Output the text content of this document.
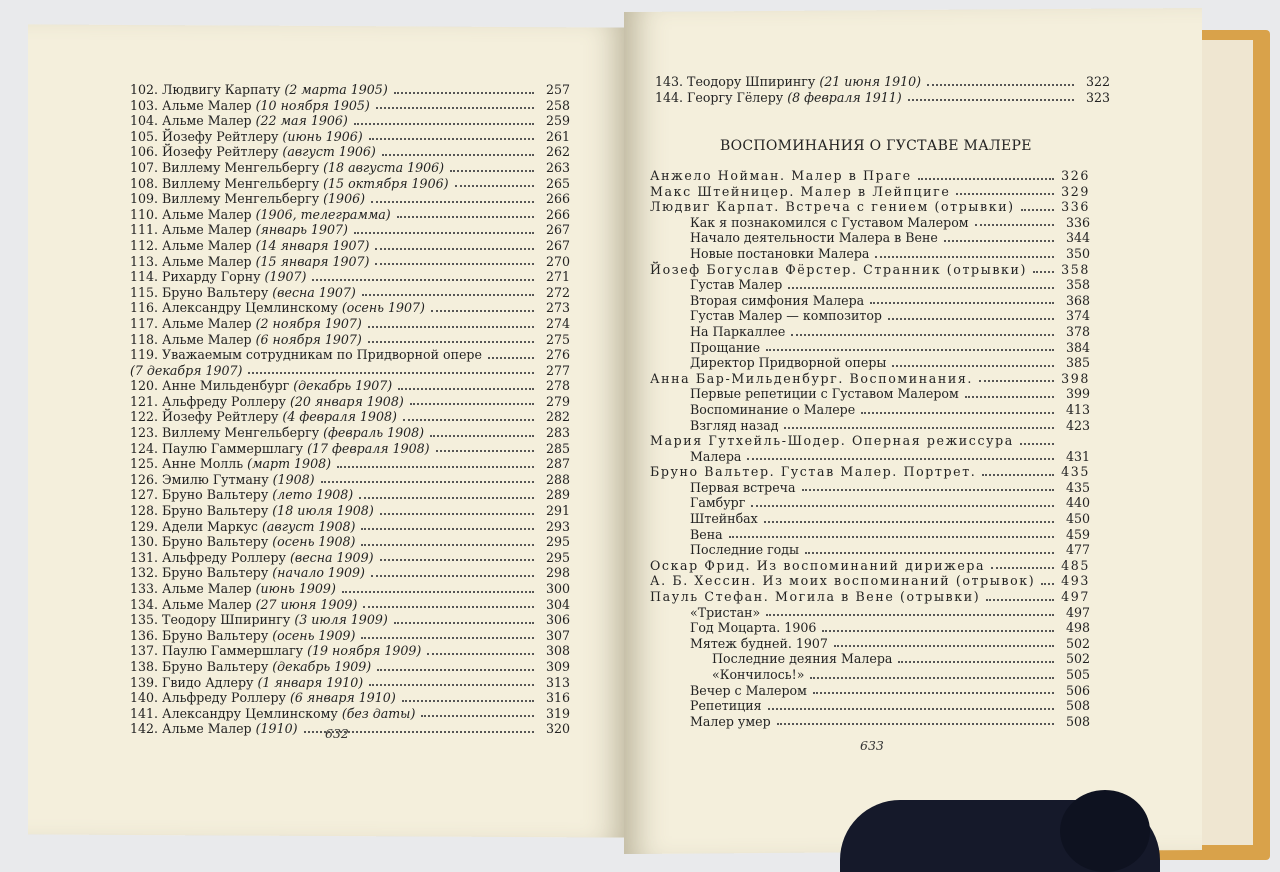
102. Людвигу Карпату (2 марта 1905)	257
103. Альме Малер (10 ноября 1905)	258
104. Альме Малер (22 мая 1906)	259
105. Йозефу Рейтлеру (июнь 1906)	261
106. Йозефу Рейтлеру (август 1906)	262
107. Виллему Менгельбергу (18 августа 1906)	263
108. Виллему Менгельбергу (15 октября 1906)	265
109. Виллему Менгельбергу (1906)	266
110. Альме Малер (1906, телеграмма)	266
111. Альме Малер (январь 1907)	267
112. Альме Малер (14 января 1907)	267
113. Альме Малер (15 января 1907)	270
114. Рихарду Горну (1907)	271
115. Бруно Вальтеру (весна 1907)	272
116. Александру Цемлинскому (осень 1907)	273
117. Альме Малер (2 ноября 1907)	274
118. Альме Малер (6 ноября 1907)	275
119. Уважаемым сотрудникам по Придворной опере	276
(7 декабря 1907)	277
120. Анне Мильденбург (декабрь 1907)	278
121. Альфреду Роллеру (20 января 1908)	279
122. Йозефу Рейтлеру (4 февраля 1908)	282
123. Виллему Менгельбергу (февраль 1908)	283
124. Паулю Гаммершлагу (17 февраля 1908)	285
125. Анне Молль (март 1908)	287
126. Эмилю Гутману (1908)	288
127. Бруно Вальтеру (лето 1908)	289
128. Бруно Вальтеру (18 июля 1908)	291
129. Адели Маркус (август 1908)	293
130. Бруно Вальтеру (осень 1908)	295
131. Альфреду Роллеру (весна 1909)	295
132. Бруно Вальтеру (начало 1909)	298
133. Альме Малер (июнь 1909)	300
134. Альме Малер (27 июня 1909)	304
135. Теодору Шпирингу (3 июля 1909)	306
136. Бруно Вальтеру (осень 1909)	307
137. Паулю Гаммершлагу (19 ноября 1909)	308
138. Бруно Вальтеру (декабрь 1909)	309
139. Гвидо Адлеру (1 января 1910)	313
140. Альфреду Роллеру (6 января 1910)	316
141. Александру Цемлинскому (без даты)	319
142. Альме Малер (1910)	320
632
143. Теодору Шпирингу (21 июня 1910)	322
144. Георгу Гёлеру (8 февраля 1911)	323
ВОСПОМИНАНИЯ О ГУСТАВЕ МАЛЕРЕ
Анжело Нойман. Малер в Праге	326
Макс Штейницер. Малер в Лейпциге	329
Людвиг Карпат. Встреча с гением (отрывки)	336
Как я познакомился с Густавом Малером	336
Начало деятельности Малера в Вене	344
Новые постановки Малера	350
Йозеф Богуслав Фёрстер. Странник (отрывки)	358
Густав Малер	358
Вторая симфония Малера	368
Густав Малер — композитор	374
На Паркаллее	378
Прощание	384
Директор Придворной оперы	385
Анна Бар-Мильденбург. Воспоминания.	398
Первые репетиции с Густавом Малером	399
Воспоминание о Малере	413
Взгляд назад	423
Мария Гутхейль-Шодер. Оперная режиссура
Малера	431
Бруно Вальтер. Густав Малер. Портрет.	435
Первая встреча	435
Гамбург	440
Штейнбах	450
Вена	459
Последние годы	477
Оскар Фрид. Из воспоминаний дирижера	485
А. Б. Хессин. Из моих воспоминаний (отрывок) 493
Пауль Стефан. Могила в Вене (отрывки)	497
«Тристан»	497
Год Моцарта. 1906	498
Мятеж будней. 1907	502
Последние деяния Малера	502
«Кончилось!»	505
Вечер с Малером	506
Репетиция	508
Малер умер	508
633
